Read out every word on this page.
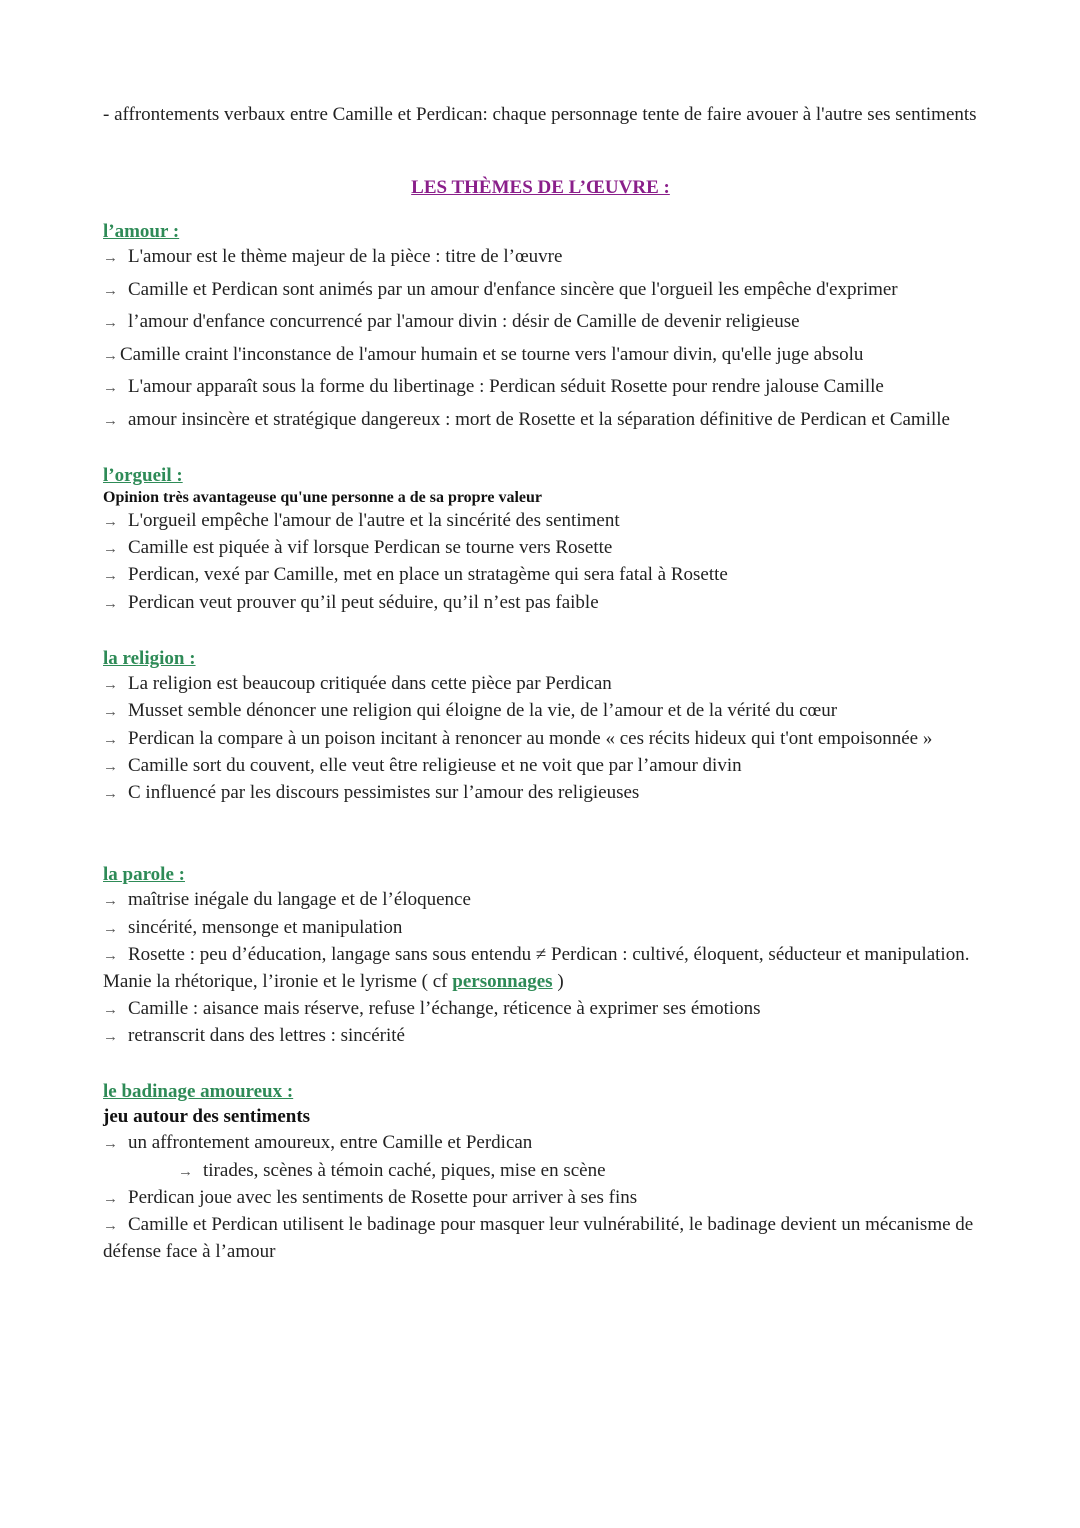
- affrontements verbaux entre Camille et Perdican: chaque personnage tente de faire avouer à l'autre ses sentiments

LES THÈMES DE L’ŒUVRE :
l’amour :

→ L'amour est le thème majeur de la pièce : titre de l’œuvre

→ Camille et Perdican sont animés par un amour d'enfance sincère que l'orgueil les empêche d'exprimer

→ l’amour d'enfance concurrencé par l'amour divin : désir de Camille de devenir religieuse

→ Camille craint l'inconstance de l'amour humain et se tourne vers l'amour divin, qu'elle juge absolu

→ L'amour apparaît sous la forme du libertinage : Perdican séduit Rosette pour rendre jalouse Camille

→ amour insincère et stratégique dangereux : mort de Rosette et la séparation définitive de Perdican et Camille

l’orgueil :
Opinion très avantageuse qu'une personne a de sa propre valeur

→ L'orgueil empêche l'amour de l'autre et la sincérité des sentiment

→ Camille est piquée à vif lorsque Perdican se tourne vers Rosette

→ Perdican, vexé par Camille, met en place un stratagème qui sera fatal à Rosette

→ Perdican veut prouver qu’il peut séduire, qu’il n’est pas faible

la religion :

→ La religion est beaucoup critiquée dans cette pièce par Perdican

→ Musset semble dénoncer une religion qui éloigne de la vie, de l’amour et de la vérité du cœur

→ Perdican la compare à un poison incitant à renoncer au monde « ces récits hideux qui t'ont empoisonnée »

→ Camille sort du couvent, elle veut être religieuse et ne voit que par l’amour divin

→ C influencé par les discours pessimistes sur l’amour des religieuses

la parole :

→ maîtrise inégale du langage et de l’éloquence

→ sincérité, mensonge et manipulation

→ Rosette : peu d’éducation, langage sans sous entendu ≠ Perdican : cultivé, éloquent, séducteur et manipulation. Manie la rhétorique, l’ironie et le lyrisme ( cf personnages )

→ Camille : aisance mais réserve, refuse l’échange, réticence à exprimer ses émotions

→ retranscrit dans des lettres : sincérité

le badinage amoureux :
jeu autour des sentiments

→ un affrontement amoureux, entre Camille et Perdican

→ tirades, scènes à témoin caché, piques, mise en scène

→ Perdican joue avec les sentiments de Rosette pour arriver à ses fins

→ Camille et Perdican utilisent le badinage pour masquer leur vulnérabilité, le badinage devient un mécanisme de défense face à l’amour
